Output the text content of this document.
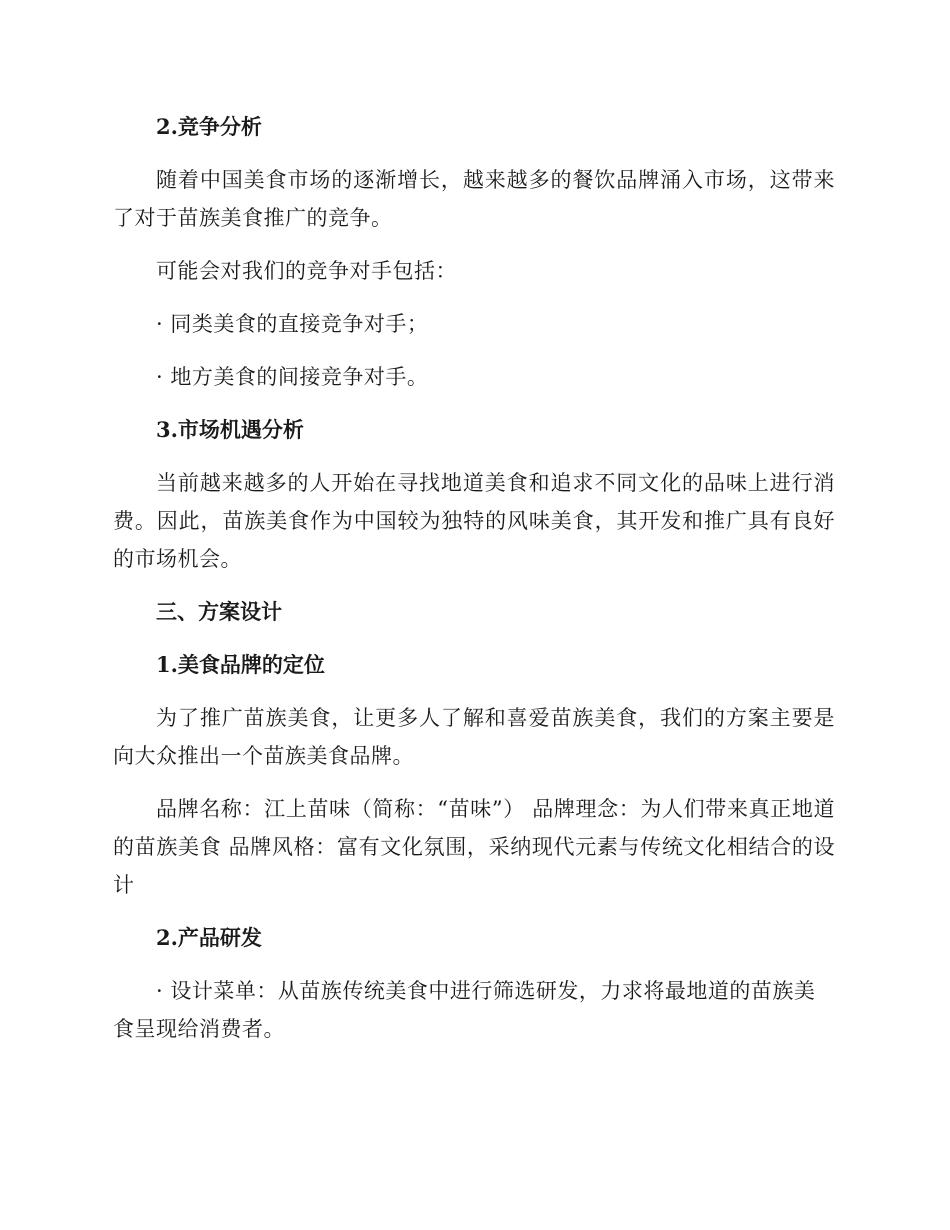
2.竞争分析
随着中国美食市场的逐渐增长，越来越多的餐饮品牌涌入市场，这带来了对于苗族美食推广的竞争。
可能会对我们的竞争对手包括：
· 同类美食的直接竞争对手；
· 地方美食的间接竞争对手。
3.市场机遇分析
当前越来越多的人开始在寻找地道美食和追求不同文化的品味上进行消费。因此，苗族美食作为中国较为独特的风味美食，其开发和推广具有良好的市场机会。
三、方案设计
1.美食品牌的定位
为了推广苗族美食，让更多人了解和喜爱苗族美食，我们的方案主要是向大众推出一个苗族美食品牌。
品牌名称：江上苗味（简称：“苗味”） 品牌理念：为人们带来真正地道的苗族美食 品牌风格：富有文化氛围，采纳现代元素与传统文化相结合的设计
2.产品研发
· 设计菜单：从苗族传统美食中进行筛选研发，力求将最地道的苗族美食呈现给消费者。
